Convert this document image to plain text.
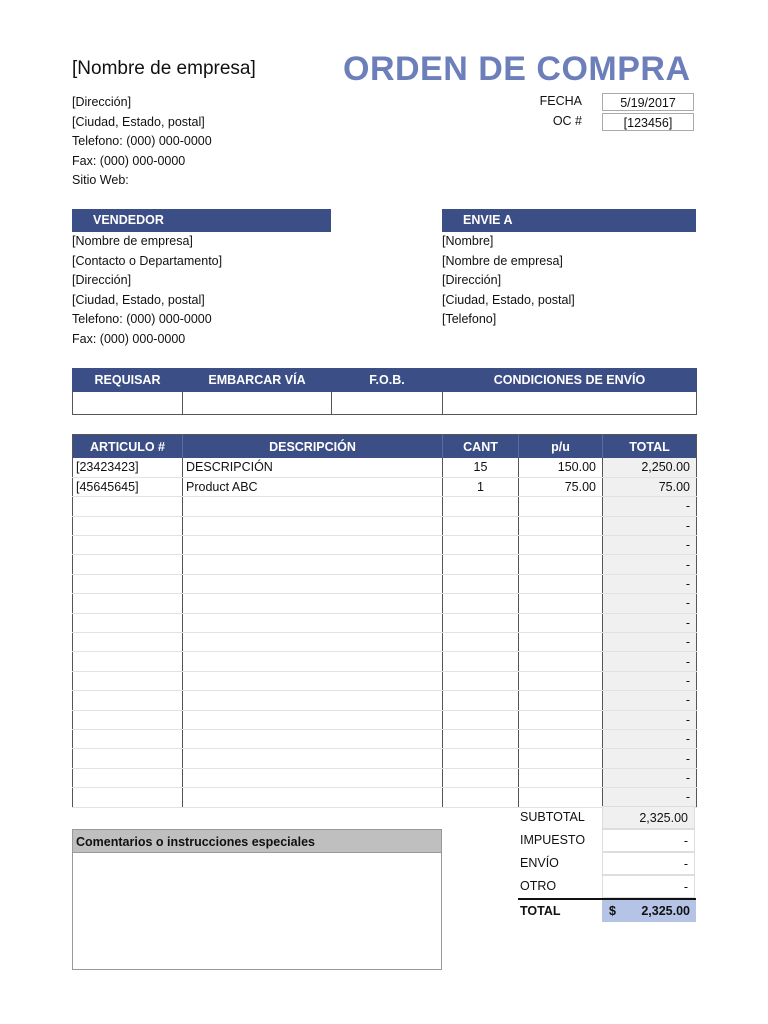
[Nombre de empresa]	ORDEN DE COMPRA
[Dirección]
[Ciudad, Estado, postal]
Telefono: (000) 000-0000
Fax: (000) 000-0000
Sitio Web:
FECHA	5/19/2017
OC #	[123456]
VENDEDOR
[Nombre de empresa]
[Contacto o Departamento]
[Dirección]
[Ciudad, Estado, postal]
Telefono: (000) 000-0000
Fax: (000) 000-0000
ENVIE A
[Nombre]
[Nombre de empresa]
[Dirección]
[Ciudad, Estado, postal]
[Telefono]
REQUISAR	EMBARCAR VÍA	F.O.B.	CONDICIONES DE ENVÍO

ARTICULO #	DESCRIPCIÓN	CANT	p/u	TOTAL
[23423423]	DESCRIPCIÓN	15	150.00	2,250.00
[45645645]	Product ABC	1	75.00	75.00
				-
				-
				-
				-
				-
				-
				-
				-
				-
				-
				-
				-
				-
				-
				-
				-
SUBTOTAL	2,325.00
IMPUESTO	-
ENVÍO	-
OTRO	-
TOTAL	$ 2,325.00
Comentarios o instrucciones especiales
